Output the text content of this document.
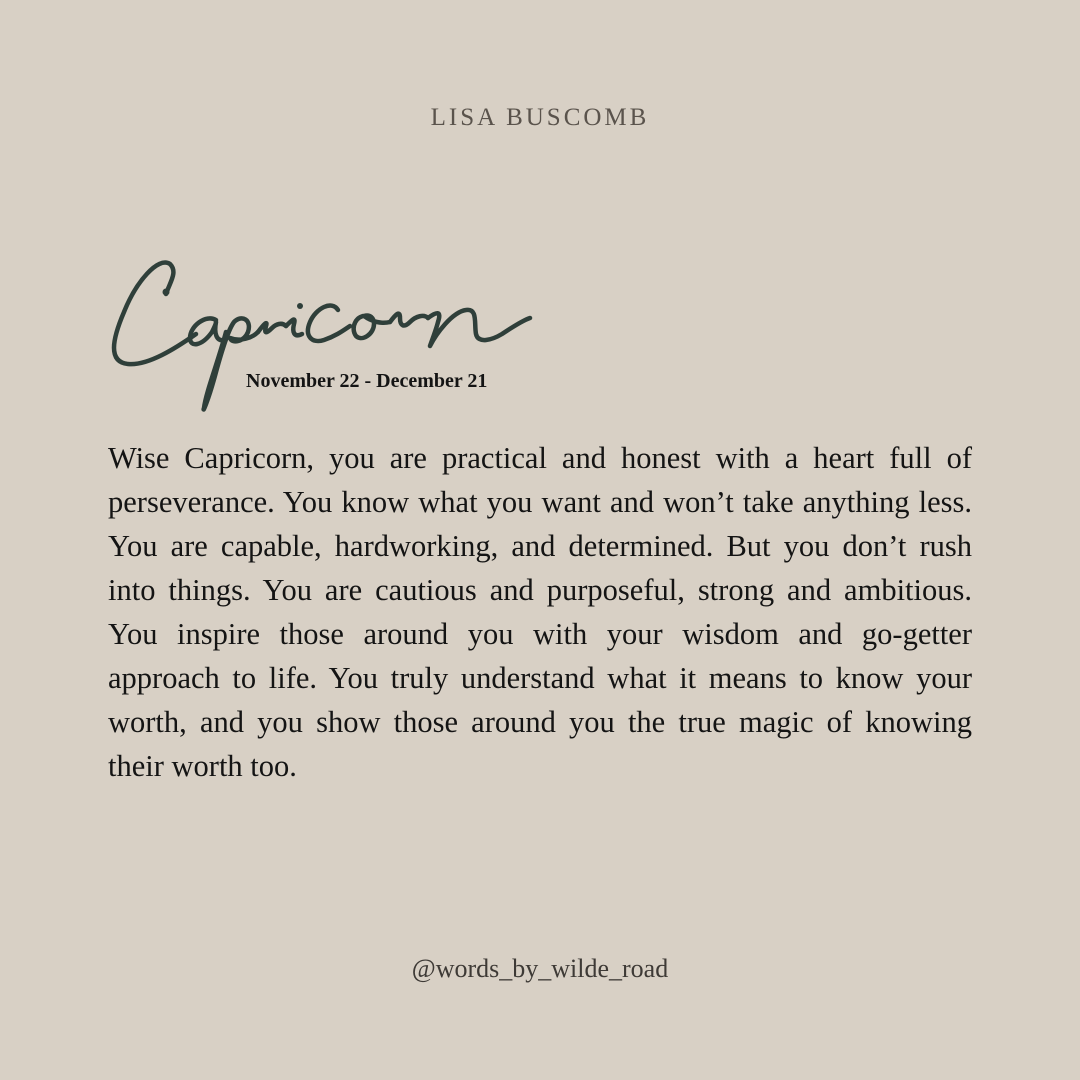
LISA BUSCOMB
November 22 - December 21

Wise Capricorn, you are practical and honest with a heart full of perseverance. You know what you want and won’t take anything less. You are capable, hardworking, and determined. But you don’t rush into things. You are cautious and purposeful, strong and ambitious. You inspire those around you with your wisdom and go-getter approach to life. You truly understand what it means to know your worth, and you show those around you the true magic of knowing their worth too.

@words_by_wilde_road
